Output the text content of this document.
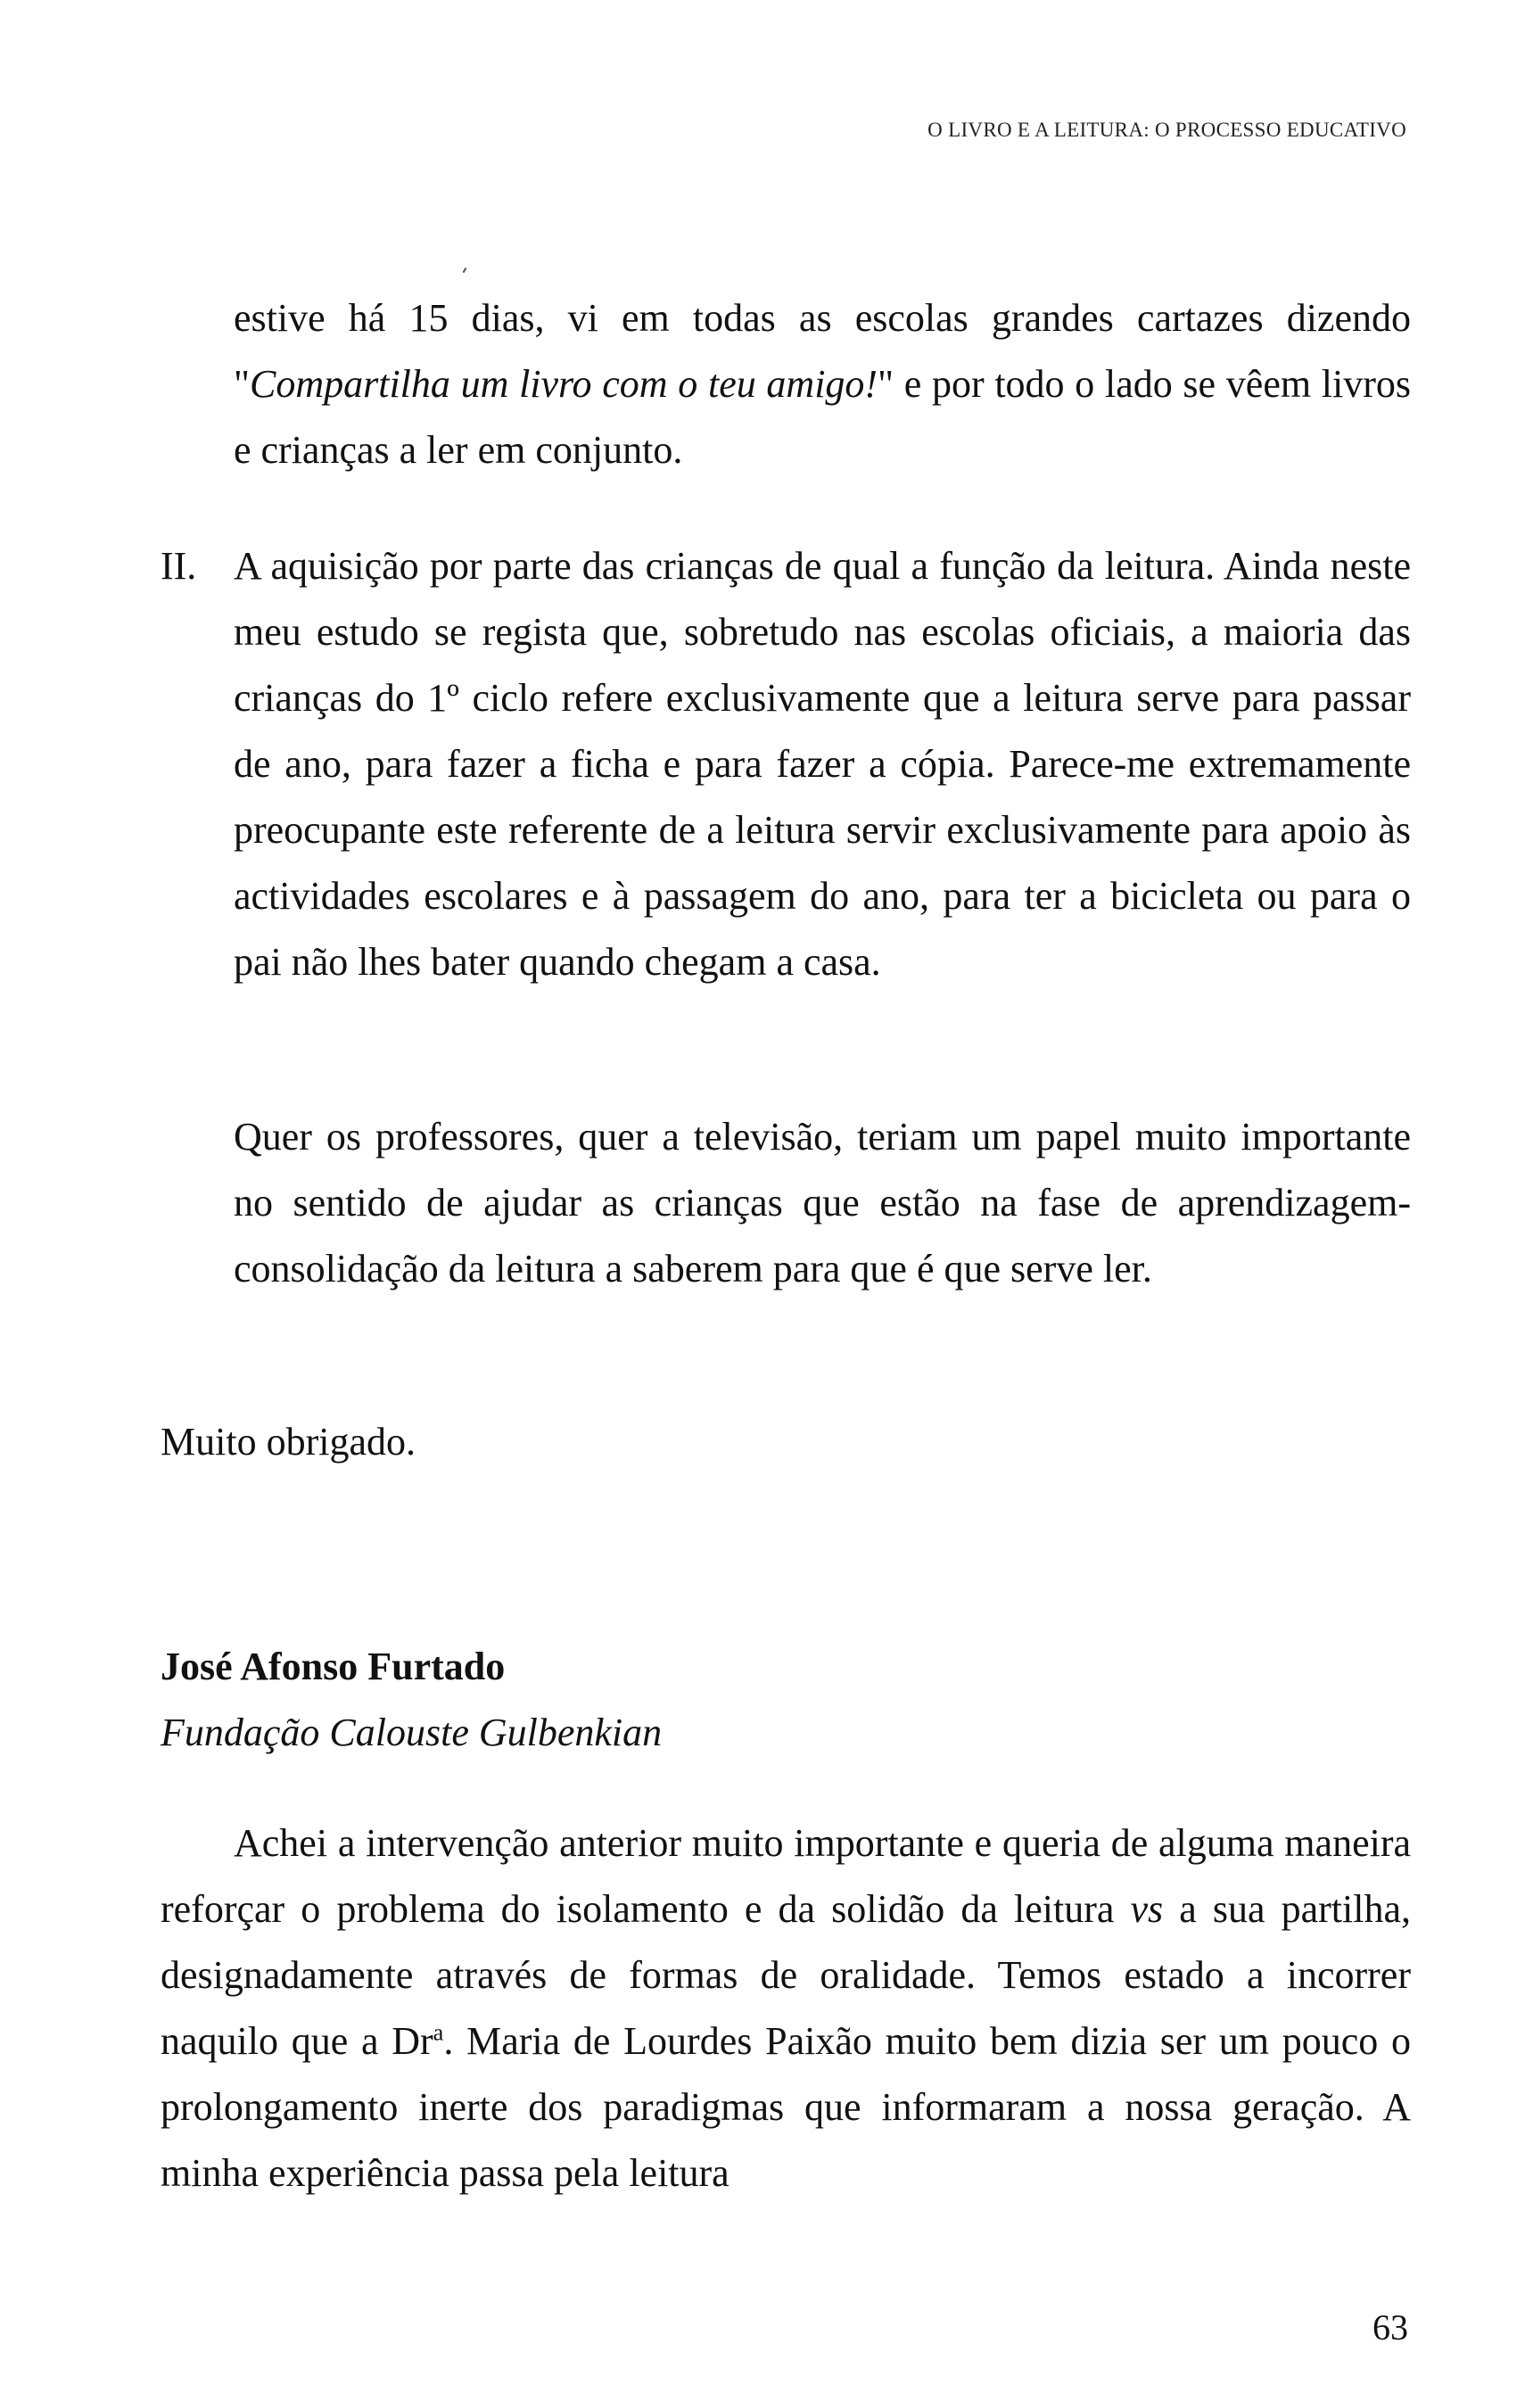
O LIVRO E A LEITURA: O PROCESSO EDUCATIVO
estive há 15 dias, vi em todas as escolas grandes cartazes dizendo "Compartilha um livro com o teu amigo!" e por todo o lado se vêem livros e crianças a ler em conjunto.
II. A aquisição por parte das crianças de qual a função da leitura. Ainda neste meu estudo se regista que, sobretudo nas escolas oficiais, a maioria das crianças do 1º ciclo refere exclusivamente que a leitura serve para passar de ano, para fazer a ficha e para fazer a cópia. Parece-me extremamente preocupante este referente de a leitura servir exclusivamente para apoio às actividades escolares e à passagem do ano, para ter a bicicleta ou para o pai não lhes bater quando chegam a casa.
Quer os professores, quer a televisão, teriam um papel muito importante no sentido de ajudar as crianças que estão na fase de aprendizagem-consolidação da leitura a saberem para que é que serve ler.
Muito obrigado.
José Afonso Furtado
Fundação Calouste Gulbenkian
Achei a intervenção anterior muito importante e queria de alguma maneira reforçar o problema do isolamento e da solidão da leitura vs a sua partilha, designadamente através de formas de oralidade. Temos estado a incorrer naquilo que a Dr$^a$. Maria de Lourdes Paixão muito bem dizia ser um pouco o prolongamento inerte dos paradigmas que informaram a nossa geração. A minha experiência passa pela leitura
63
